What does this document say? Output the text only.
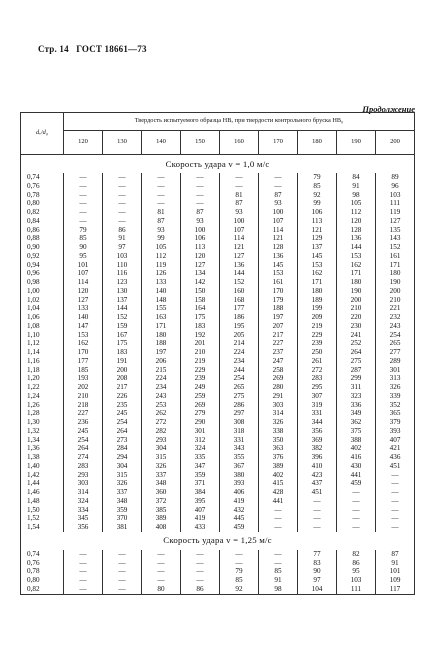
Стр. 14 ГОСТ 18661—73
Продолжение
dₓ/d₀	Твердость испытуемого образца HBₓ при твердости контрольного бруска HB₀								
	120	130	140	150	160	170	180	190	200
Скорость удара v = 1,0 м/с									
0,74	—	—	—	—	—	—	79	84	89
0,76	—	—	—	—	—	—	85	91	96
0,78	—	—	—	—	81	87	92	98	103
0,80	—	—	—	—	87	93	99	105	111
0,82	—	—	81	87	93	100	106	112	119
0,84	—	—	87	93	100	107	113	120	127
0,86	79	86	93	100	107	114	121	128	135
0,88	85	91	99	106	114	121	129	136	143
0,90	90	97	105	113	121	128	137	144	152
0,92	95	103	112	120	127	136	145	153	161
0,94	101	110	119	127	136	145	153	162	171
0,96	107	116	126	134	144	153	162	171	180
0,98	114	123	133	142	152	161	171	180	190
1,00	120	130	140	150	160	170	180	190	200
1,02	127	137	148	158	168	179	189	200	210
1,04	133	144	155	164	177	188	199	210	221
1,06	140	152	163	175	186	197	209	220	232
1,08	147	159	171	183	195	207	219	230	243
1,10	153	167	180	192	205	217	229	241	254
1,12	162	175	188	201	214	227	239	252	265
1,14	170	183	197	210	224	237	250	264	277
1,16	177	191	206	219	234	247	261	275	289
1,18	185	200	215	229	244	258	272	287	301
1,20	193	208	224	239	254	269	283	299	313
1,22	202	217	234	249	265	280	295	311	326
1,24	210	226	243	259	275	291	307	323	339
1,26	218	235	253	269	286	303	319	336	352
1,28	227	245	262	279	297	314	331	349	365
1,30	236	254	272	290	308	326	344	362	379
1,32	245	264	282	301	318	338	356	375	393
1,34	254	273	293	312	331	350	369	388	407
1,36	264	284	304	324	343	363	382	402	421
1,38	274	294	315	335	355	376	396	416	436
1,40	283	304	326	347	367	389	410	430	451
1,42	293	315	337	359	380	402	423	441	—
1,44	303	326	348	371	393	415	437	459	—
1,46	314	337	360	384	406	428	451	—	—
1,48	324	348	372	395	419	441	—	—	—
1,50	334	359	385	407	432	—	—	—	—
1,52	345	370	389	419	445	—	—	—	—
1,54	356	381	408	433	459	—	—	—	—
Скорость удара v = 1,25 м/с									
0,74	—	—	—	—	—	—	77	82	87
0,76	—	—	—	—	—	—	83	86	91
0,78	—	—	—	—	79	85	90	95	101
0,80	—	—	—	—	85	91	97	103	109
0,82	—	—	80	86	92	98	104	111	117
